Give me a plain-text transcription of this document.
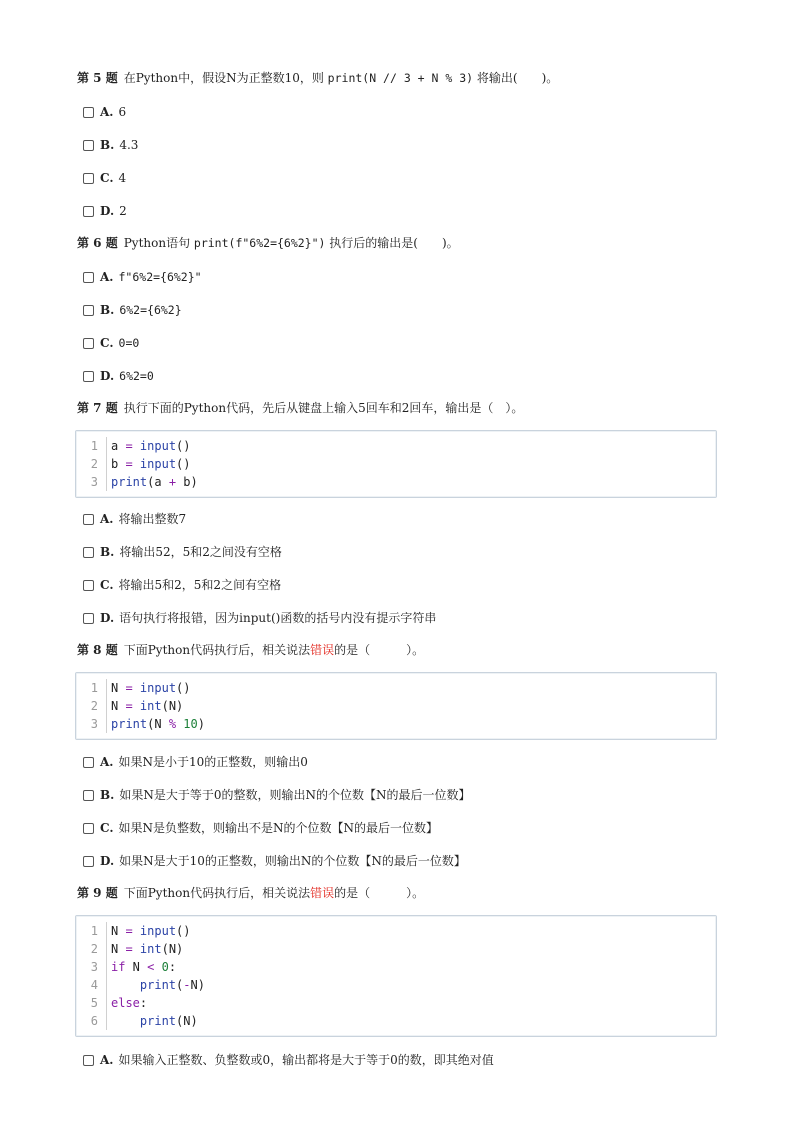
第 5 题 在Python中，假设N为正整数10，则 print(N // 3 + N % 3) 将输出(　　)。
A. 6
B. 4.3
C. 4
D. 2
第 6 题 Python语句 print(f"6%2={6%2}") 执行后的输出是(　　)。
A. f"6%2={6%2}"
B. 6%2={6%2}
C. 0=0
D. 6%2=0
第 7 题 执行下面的Python代码，先后从键盘上输入5回车和2回车，输出是（　）。
1	a = input()
2	b = input()
3	print(a + b)
A. 将输出整数7
B. 将输出52，5和2之间没有空格
C. 将输出5和2，5和2之间有空格
D. 语句执行将报错，因为input()函数的括号内没有提示字符串
第 8 题 下面Python代码执行后，相关说法错误的是（　　　）。
1	N = input()
2	N = int(N)
3	print(N % 10)
A. 如果N是小于10的正整数，则输出0
B. 如果N是大于等于0的整数，则输出N的个位数【N的最后一位数】
C. 如果N是负整数，则输出不是N的个位数【N的最后一位数】
D. 如果N是大于10的正整数，则输出N的个位数【N的最后一位数】
第 9 题 下面Python代码执行后，相关说法错误的是（　　　）。
1	N = input()
2	N = int(N)
3	if N < 0:
4	print(-N)
5	else:
6	print(N)
A. 如果输入正整数、负整数或0，输出都将是大于等于0的数，即其绝对值
